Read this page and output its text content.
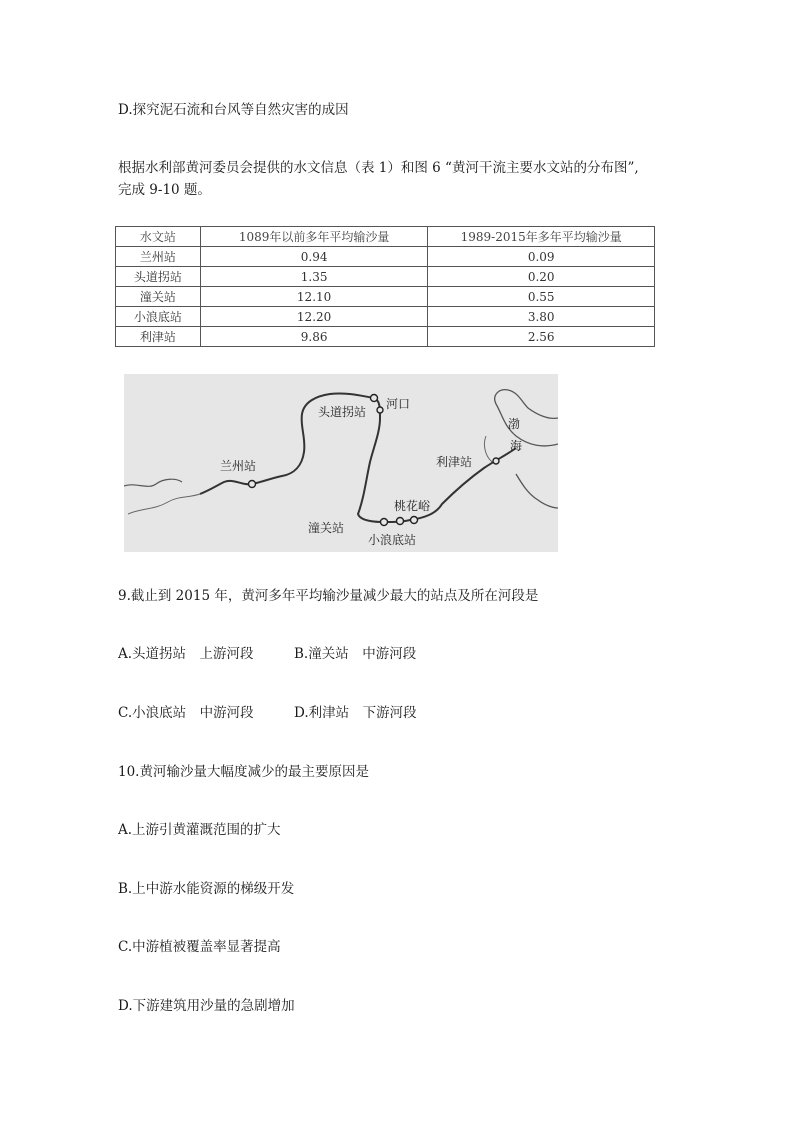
D.探究泥石流和台风等自然灾害的成因
根据水利部黄河委员会提供的水文信息（表 1）和图 6 “黄河干流主要水文站的分布图”,
完成 9-10 题。
水文站	1089年以前多年平均输沙量	1989-2015年多年平均输沙量
兰州站	0.94	0.09
头道拐站	1.35	0.20
潼关站	12.10	0.55
小浪底站	12.20	3.80
利津站	9.86	2.56
兰州站
头道拐站
河口
利津站
渤
海
桃花峪
潼关站
小浪底站
9.截止到 2015 年，黄河多年平均输沙量减少最大的站点及所在河段是
A.头道拐站　上游河段	B.潼关站　中游河段
C.小浪底站　中游河段	D.利津站　下游河段
10.黄河输沙量大幅度减少的最主要原因是
A.上游引黄灌溉范围的扩大
B.上中游水能资源的梯级开发
C.中游植被覆盖率显著提高
D.下游建筑用沙量的急剧增加
